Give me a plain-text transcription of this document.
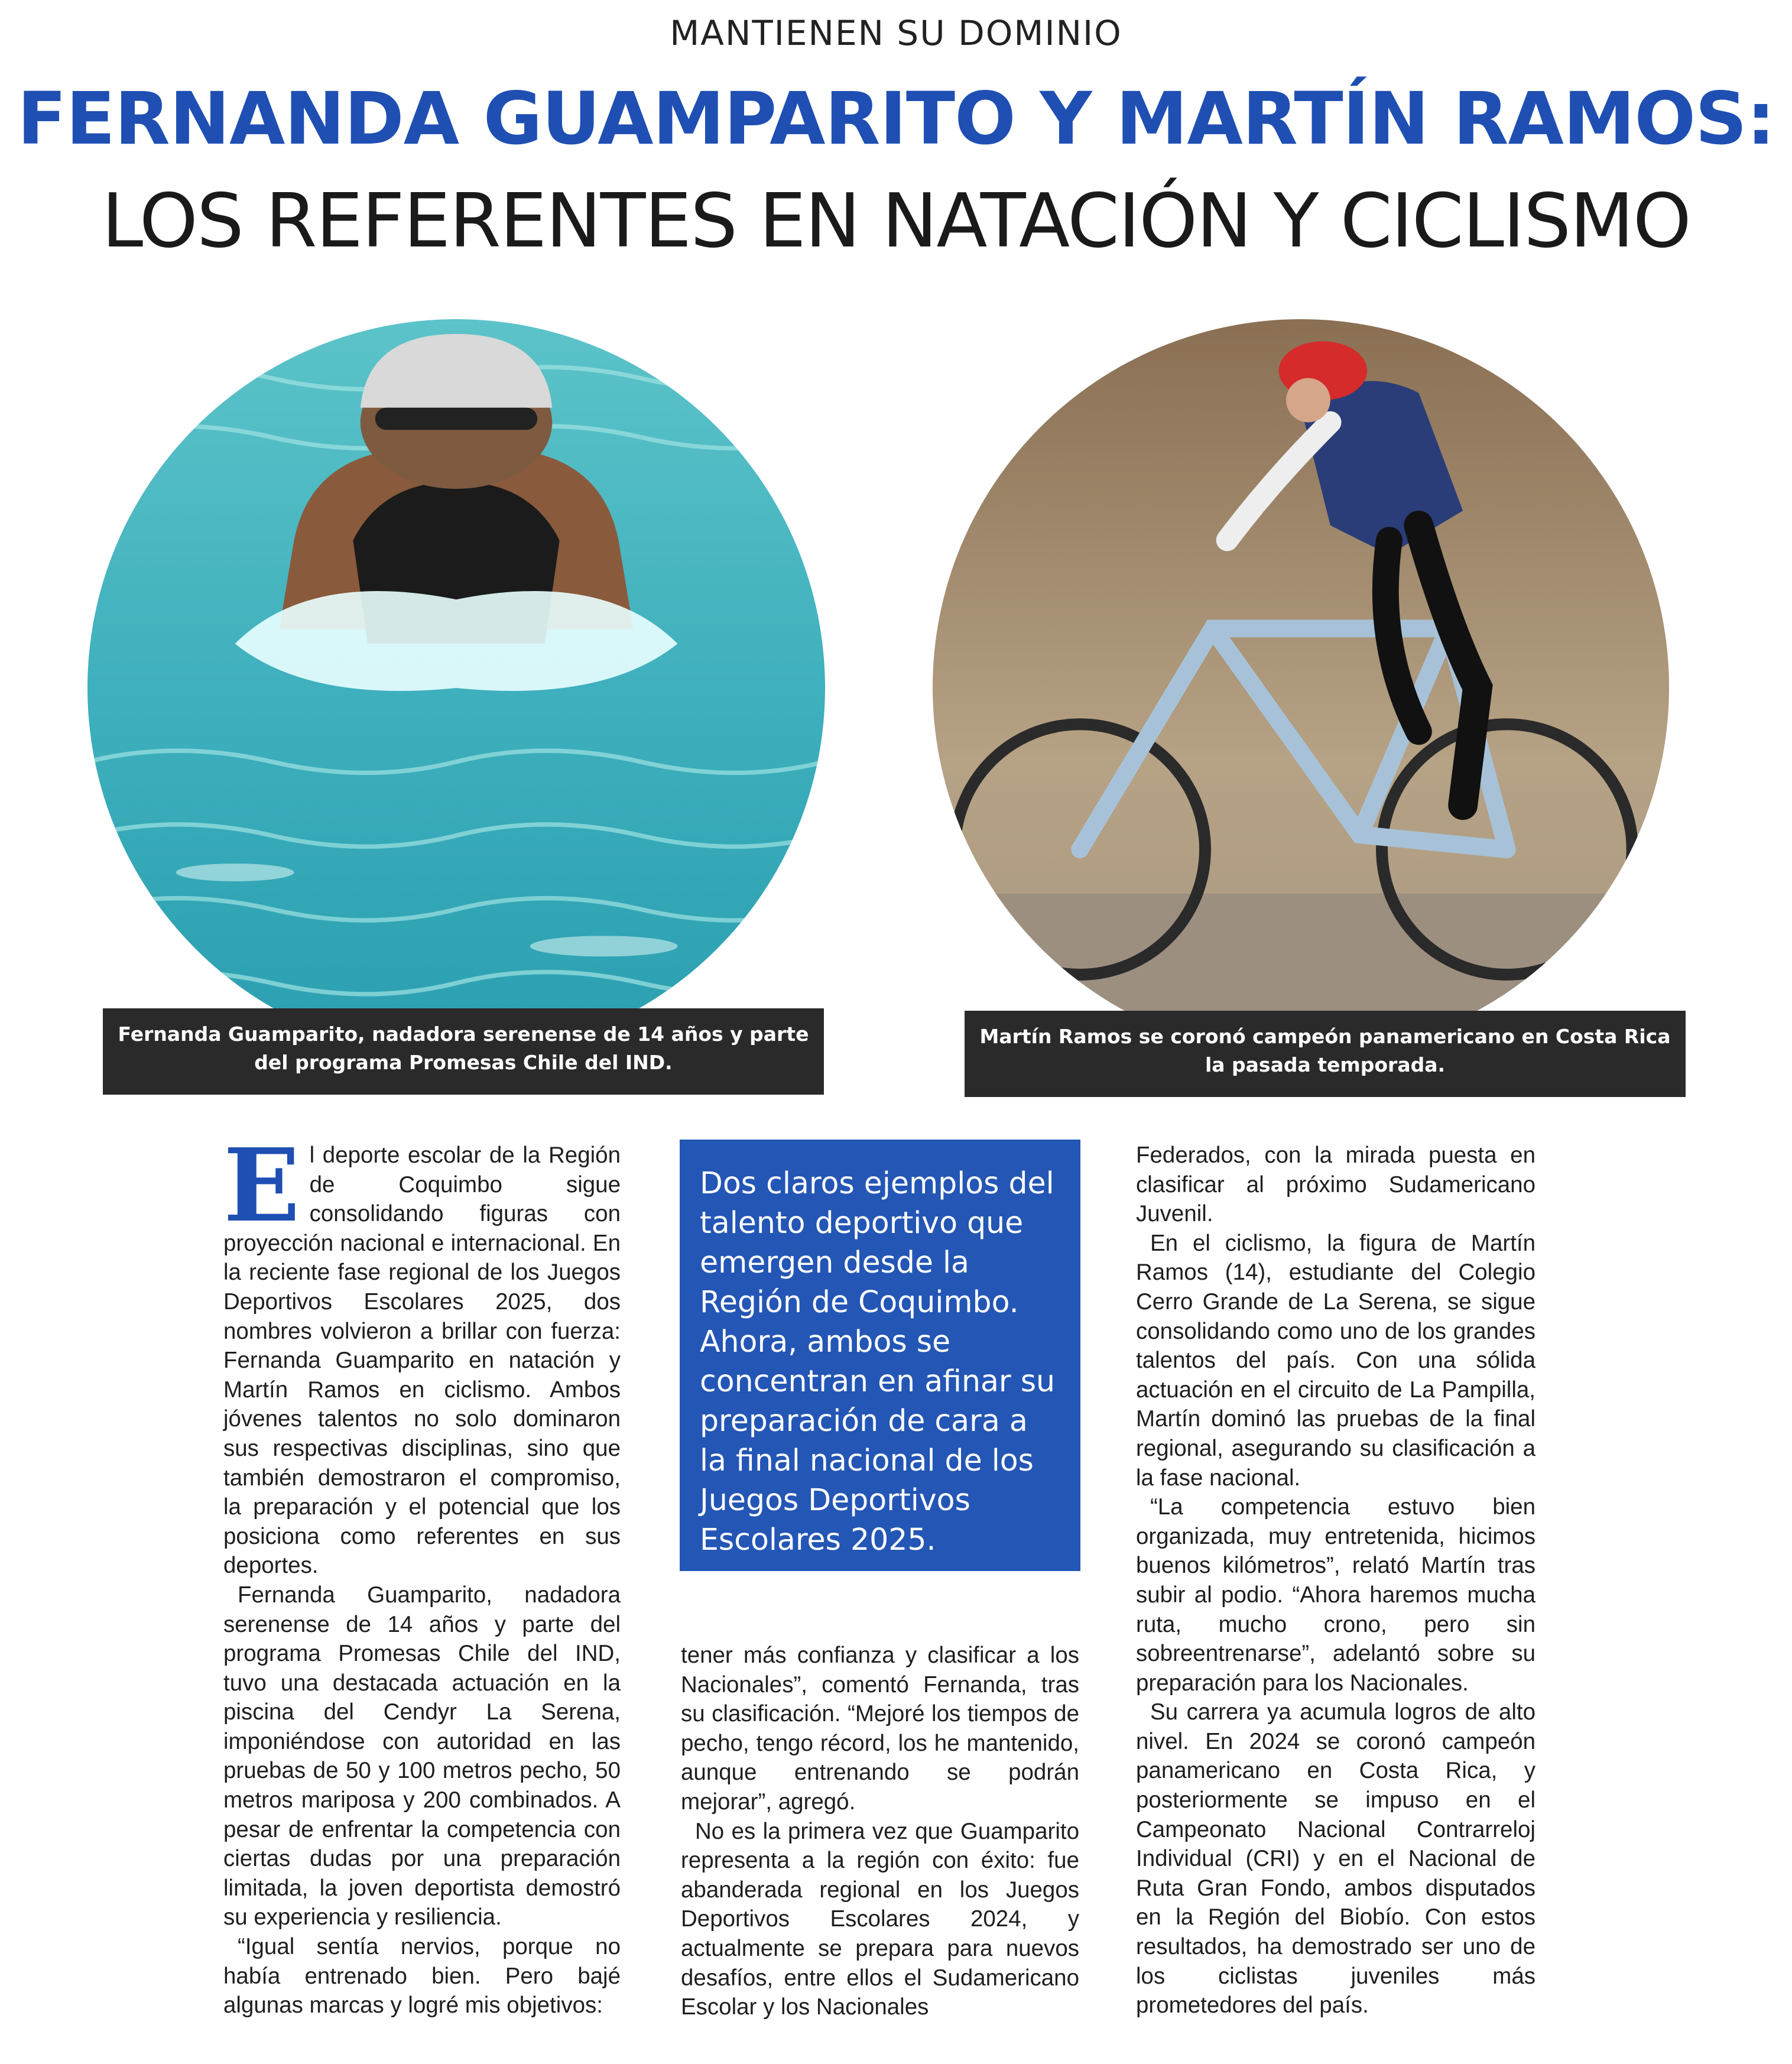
MANTIENEN SU DOMINIO
FERNANDA GUAMPARITO Y MARTÍN RAMOS:
LOS REFERENTES EN NATACIÓN Y CICLISMO
Fernanda Guamparito, nadadora serenense de 14 años y parte del programa Promesas Chile del IND.
Martín Ramos se coronó campeón panamericano en Costa Rica la pasada temporada.

El deporte escolar de la Región de Coquimbo sigue consolidando figuras con proyección nacional e internacional. En la reciente fase regional de los Juegos Deportivos Escolares 2025, dos nombres volvieron a brillar con fuerza: Fernanda Guamparito en natación y Martín Ramos en ciclismo. Ambos jóvenes talentos no solo dominaron sus respectivas disciplinas, sino que también demostraron el compromiso, la preparación y el potencial que los posiciona como referentes en sus deportes.

Fernanda Guamparito, nadadora serenense de 14 años y parte del programa Promesas Chile del IND, tuvo una destacada actuación en la piscina del Cendyr La Serena, imponiéndose con autoridad en las pruebas de 50 y 100 metros pecho, 50 metros mariposa y 200 combinados. A pesar de enfrentar la competencia con ciertas dudas por una preparación limitada, la joven deportista demostró su experiencia y resiliencia.

“Igual sentía nervios, porque no había entrenado bien. Pero bajé algunas marcas y logré mis objetivos:

Dos claros ejemplos del talento deportivo que emergen desde la Región de Coquimbo. Ahora, ambos se concentran en afinar su preparación de cara a la final nacional de los Juegos Deportivos Escolares 2025.

tener más confianza y clasificar a los Nacionales”, comentó Fernanda, tras su clasificación. “Mejoré los tiempos de pecho, tengo récord, los he mantenido, aunque entrenando se podrán mejorar”, agregó.

No es la primera vez que Guamparito representa a la región con éxito: fue abanderada regional en los Juegos Deportivos Escolares 2024, y actualmente se prepara para nuevos desafíos, entre ellos el Sudamericano Escolar y los Nacionales

Federados, con la mirada puesta en clasificar al próximo Sudamericano Juvenil.

En el ciclismo, la figura de Martín Ramos (14), estudiante del Colegio Cerro Grande de La Serena, se sigue consolidando como uno de los grandes talentos del país. Con una sólida actuación en el circuito de La Pampilla, Martín dominó las pruebas de la final regional, asegurando su clasificación a la fase nacional.

“La competencia estuvo bien organizada, muy entretenida, hicimos buenos kilómetros”, relató Martín tras subir al podio. “Ahora haremos mucha ruta, mucho crono, pero sin sobreentrenarse”, adelantó sobre su preparación para los Nacionales.

Su carrera ya acumula logros de alto nivel. En 2024 se coronó campeón panamericano en Costa Rica, y posteriormente se impuso en el Campeonato Nacional Contrarreloj Individual (CRI) y en el Nacional de Ruta Gran Fondo, ambos disputados en la Región del Biobío. Con estos resultados, ha demostrado ser uno de los ciclistas juveniles más prometedores del país.
